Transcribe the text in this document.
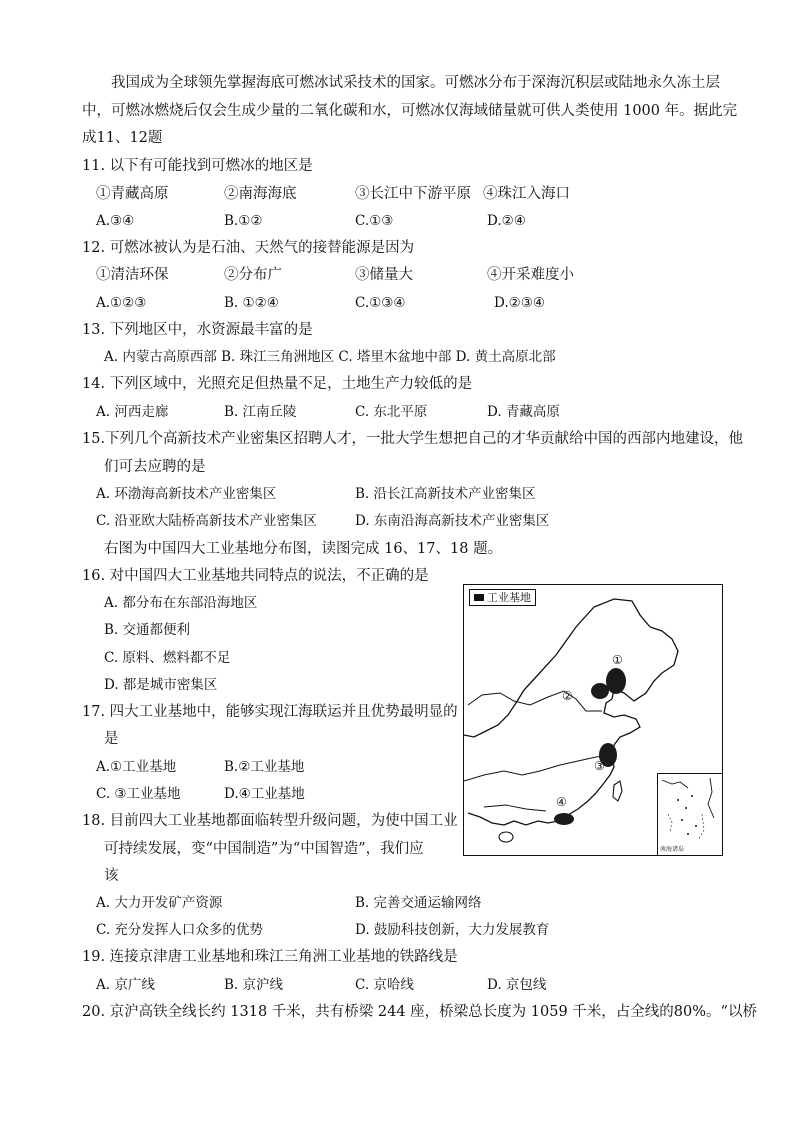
我国成为全球领先掌握海底可燃冰试采技术的国家。可燃冰分布于深海沉积层或陆地永久冻土层
中，可燃冰燃烧后仅会生成少量的二氧化碳和水，可燃冰仅海域储量就可供人类使用 1000 年。据此完
成11、12题
11. 以下有可能找到可燃冰的地区是
①青藏高原	②南海海底	③长江中下游平原 ④珠江入海口
A.③④	B.①②	C.①③	D.②④
12. 可燃冰被认为是石油、天然气的接替能源是因为
①清洁环保	②分布广	③储量大	④开采难度小
A.①②③	B. ①②④	C.①③④	D.②③④
13. 下列地区中，水资源最丰富的是
A. 内蒙古高原西部 B. 珠江三角洲地区 C. 塔里木盆地中部 D. 黄土高原北部
14. 下列区域中，光照充足但热量不足，土地生产力较低的是
A. 河西走廊	B. 江南丘陵	C. 东北平原	D. 青藏高原
15.下列几个高新技术产业密集区招聘人才，一批大学生想把自己的才华贡献给中国的西部内地建设，他
们可去应聘的是
A. 环渤海高新技术产业密集区	B. 沿长江高新技术产业密集区
C. 沿亚欧大陆桥高新技术产业密集区	D. 东南沿海高新技术产业密集区
右图为中国四大工业基地分布图，读图完成 16、17、18 题。
16. 对中国四大工业基地共同特点的说法，不正确的是
A. 都分布在东部沿海地区
B. 交通都便利
C. 原料、燃料都不足
D. 都是城市密集区
17. 四大工业基地中，能够实现江海联运并且优势最明显的
是
A.①工业基地	B.②工业基地
C. ③工业基地	D.④工业基地
18. 目前四大工业基地都面临转型升级问题，为使中国工业
可持续发展，变“中国制造”为“中国智造”，我们应
该
A. 大力开发矿产资源	B. 完善交通运输网络
C. 充分发挥人口众多的优势	D. 鼓励科技创新，大力发展教育
19. 连接京津唐工业基地和珠江三角洲工业基地的铁路线是
A. 京广线	B. 京沪线	C. 京哈线	D. 京包线
20. 京沪高铁全线长约 1318 千米，共有桥梁 244 座，桥梁总长度为 1059 千米，占全线的80%。“以桥
工业基地
①
②
③
④
南海诸岛
